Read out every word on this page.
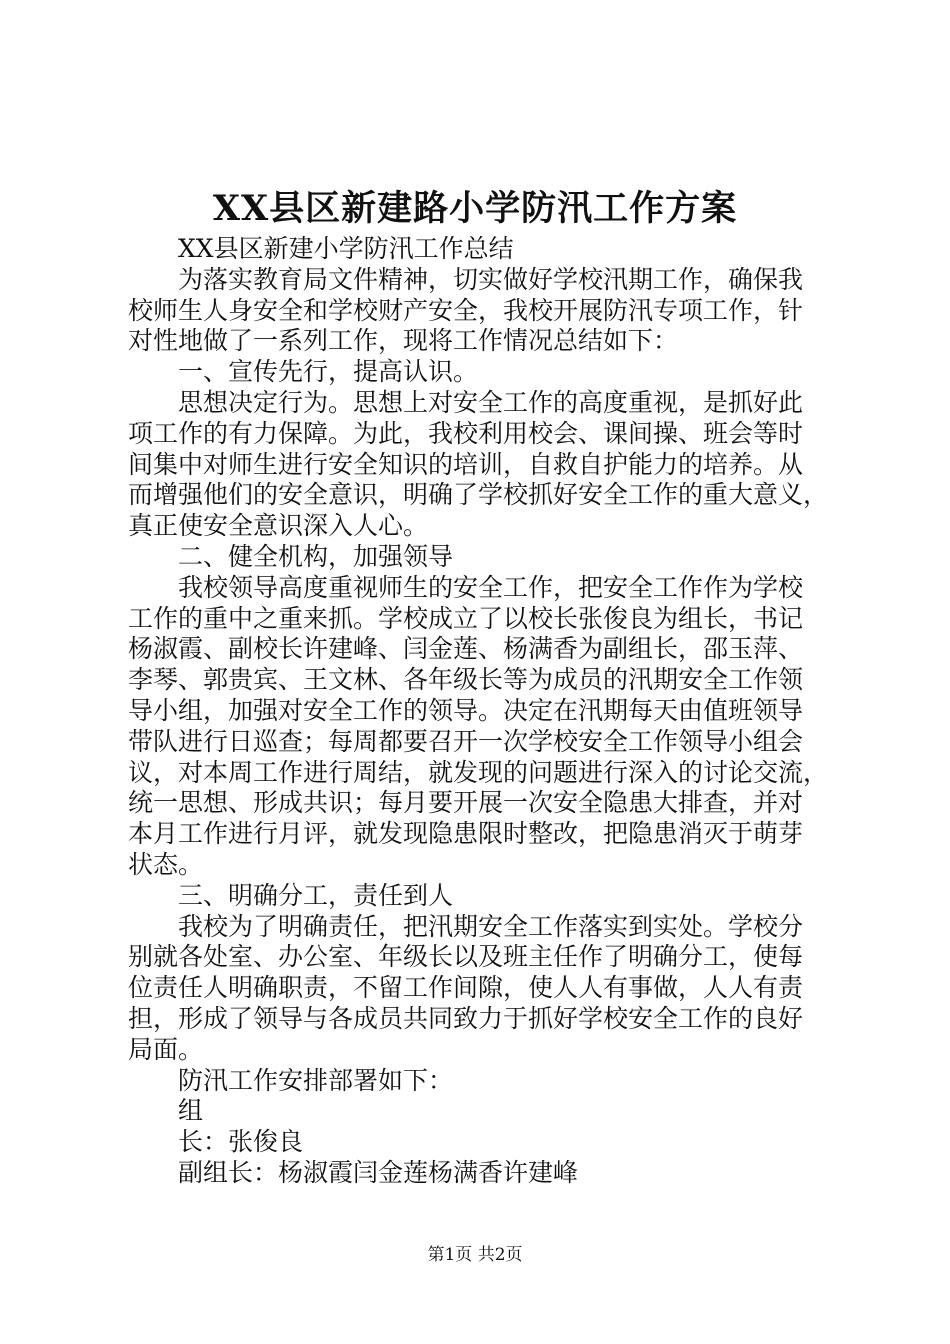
XX县区新建路小学防汛工作方案
XX县区新建小学防汛工作总结
为落实教育局文件精神，切实做好学校汛期工作，确保我
校师生人身安全和学校财产安全，我校开展防汛专项工作，针
对性地做了一系列工作，现将工作情况总结如下：
一、宣传先行，提高认识。
思想决定行为。思想上对安全工作的高度重视，是抓好此
项工作的有力保障。为此，我校利用校会、课间操、班会等时
间集中对师生进行安全知识的培训，自救自护能力的培养。从
而增强他们的安全意识，明确了学校抓好安全工作的重大意义，
真正使安全意识深入人心。
二、健全机构，加强领导
我校领导高度重视师生的安全工作，把安全工作作为学校
工作的重中之重来抓。学校成立了以校长张俊良为组长，书记
杨淑霞、副校长许建峰、闫金莲、杨满香为副组长，邵玉萍、
李琴、郭贵宾、王文林、各年级长等为成员的汛期安全工作领
导小组，加强对安全工作的领导。决定在汛期每天由值班领导
带队进行日巡查；每周都要召开一次学校安全工作领导小组会
议，对本周工作进行周结，就发现的问题进行深入的讨论交流，
统一思想、形成共识；每月要开展一次安全隐患大排查，并对
本月工作进行月评，就发现隐患限时整改，把隐患消灭于萌芽
状态。
三、明确分工，责任到人
我校为了明确责任，把汛期安全工作落实到实处。学校分
别就各处室、办公室、年级长以及班主任作了明确分工，使每
位责任人明确职责，不留工作间隙，使人人有事做，人人有责
担，形成了领导与各成员共同致力于抓好学校安全工作的良好
局面。
防汛工作安排部署如下：
组
长：张俊良
副组长：杨淑霞闫金莲杨满香许建峰
第1页 共2页
